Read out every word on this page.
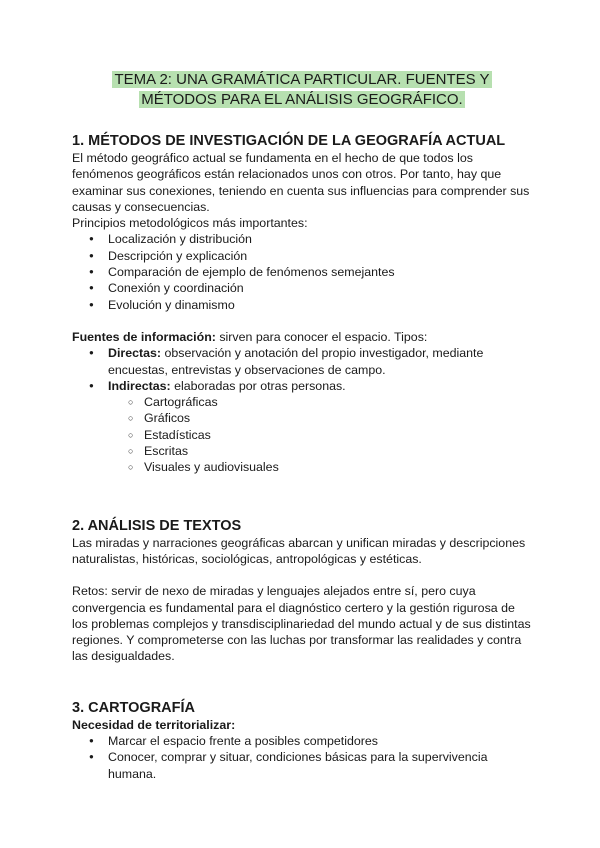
TEMA 2: UNA GRAMÁTICA PARTICULAR. FUENTES Y
MÉTODOS PARA EL ANÁLISIS GEOGRÁFICO.
1. MÉTODOS DE INVESTIGACIÓN DE LA GEOGRAFÍA ACTUAL

El método geográfico actual se fundamenta en el hecho de que todos los fenómenos geográficos están relacionados unos con otros. Por tanto, hay que examinar sus conexiones, teniendo en cuenta sus influencias para comprender sus causas y consecuencias.

Principios metodológicos más importantes:

● Localización y distribución
● Descripción y explicación
● Comparación de ejemplo de fenómenos semejantes
● Conexión y coordinación
● Evolución y dinamismo

Fuentes de información: sirven para conocer el espacio. Tipos:

● Directas: observación y anotación del propio investigador, mediante encuestas, entrevistas y observaciones de campo.
● Indirectas: elaboradas por otras personas.
○ Cartográficas
○ Gráficos
○ Estadísticas
○ Escritas
○ Visuales y audiovisuales
2. ANÁLISIS DE TEXTOS

Las miradas y narraciones geográficas abarcan y unifican miradas y descripciones naturalistas, históricas, sociológicas, antropológicas y estéticas.

Retos: servir de nexo de miradas y lenguajes alejados entre sí, pero cuya convergencia es fundamental para el diagnóstico certero y la gestión rigurosa de los problemas complejos y transdisciplinariedad del mundo actual y de sus distintas regiones. Y comprometerse con las luchas por transformar las realidades y contra las desigualdades.

3. CARTOGRAFÍA

Necesidad de territorializar:

● Marcar el espacio frente a posibles competidores
● Conocer, comprar y situar, condiciones básicas para la supervivencia humana.
